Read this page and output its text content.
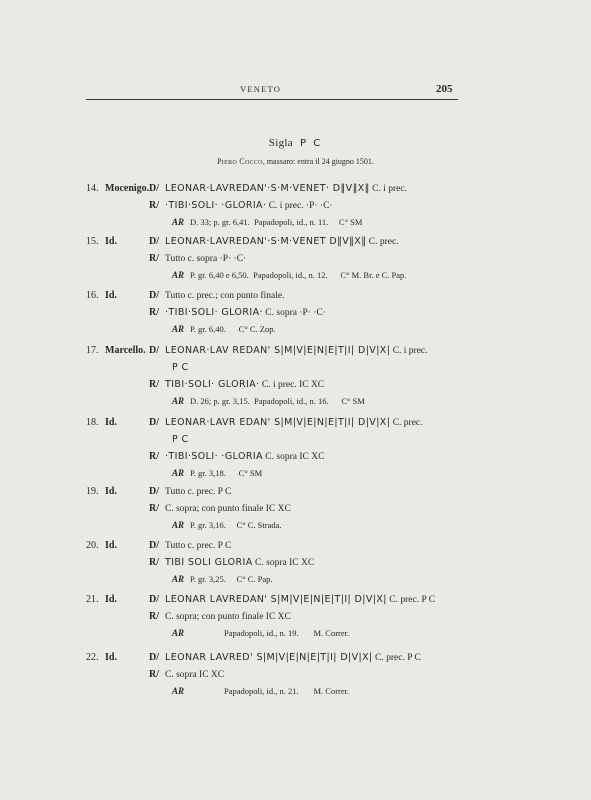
VENETO	205
Sigla P C
Piero Cocco, massaro: entra il 24 giugno 1501.
14. Mocenigo. D/ LEONAR·LAVREDAN'·S·M·VENET· D‖V‖X‖ C. i prec.
R/ ·TIBI·SOLI· ·GLORIA· C. i prec. ·P· ·C·
AR D. 33; p. gr. 6,41.  Papadopoli, id., n. 11.     C° SM
15. Id.	D/ LEONAR·LAVREDAN'·S·M·VENET D‖V‖X‖ C. prec.
R/ Tutto c. sopra ·P· ·C·
AR P. gr. 6,40 e 6,50.  Papadopoli, id., n. 12.      C° M. Br. e C. Pap.
16. Id.	D/ Tutto c. prec.; con punto finale.
R/ ·TIBI·SOLI· GLORIA· C. sopra ·P· ·C·
AR P. gr. 6,40.      C° C. Zop.
17. Marcello. D/ LEONAR·LAV REDAN' S|M|V|E|N|E|T|I| D|V|X| C. i prec.
P C
R/ TIBI·SOLI· GLORIA· C. i prec. IC XC
AR D. 26; p. gr. 3,15.  Papadopoli, id., n. 16.      C° SM
18. Id.	D/ LEONAR·LAVR EDAN' S|M|V|E|N|E|T|I| D|V|X| C. prec.
P C
R/ ·TIBI·SOLI· ·GLORIA C. sopra IC XC
AR P. gr. 3,18.      C° SM
19. Id.	D/ Tutto c. prec. P C
R/ C. sopra; con punto finale IC XC
AR P. gr. 3,16.     C° C. Strada.
20. Id.	D/ Tutto c. prec. P C
R/ TIBI SOLI GLORIA C. sopra IC XC
AR P. gr. 3,25.     C° C. Pap.
21. Id.	D/ LEONAR LAVREDAN' S|M|V|E|N|E|T|I| D|V|X| C. prec. P C
R/ C. sopra; con punto finale IC XC
AR                Papadopoli, id., n. 19.       M. Correr.
22. Id.	D/ LEONAR LAVRED' S|M|V|E|N|E|T|I| D|V|X| C. prec. P C
R/ C. sopra IC XC
AR                Papadopoli, id., n. 21.       M. Correr.
